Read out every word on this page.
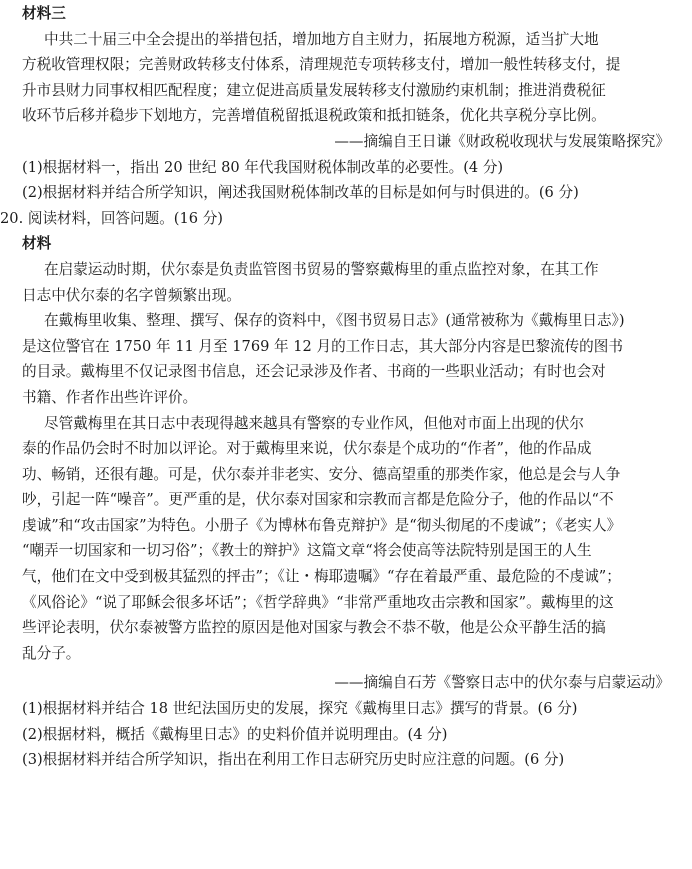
材料三
中共二十届三中全会提出的举措包括，增加地方自主财力，拓展地方税源，适当扩大地
方税收管理权限；完善财政转移支付体系，清理规范专项转移支付，增加一般性转移支付，提
升市县财力同事权相匹配程度；建立促进高质量发展转移支付激励约束机制；推进消费税征
收环节后移并稳步下划地方，完善增值税留抵退税政策和抵扣链条，优化共享税分享比例。
——摘编自王日谦《财政税收现状与发展策略探究》
(1)根据材料一，指出 20 世纪 80 年代我国财税体制改革的必要性。(4 分)
(2)根据材料并结合所学知识，阐述我国财税体制改革的目标是如何与时俱进的。(6 分)
20. 阅读材料，回答问题。(16 分)
材料
在启蒙运动时期，伏尔泰是负责监管图书贸易的警察戴梅里的重点监控对象，在其工作
日志中伏尔泰的名字曾频繁出现。
在戴梅里收集、整理、撰写、保存的资料中，《图书贸易日志》(通常被称为《戴梅里日志》)
是这位警官在 1750 年 11 月至 1769 年 12 月的工作日志，其大部分内容是巴黎流传的图书
的目录。戴梅里不仅记录图书信息，还会记录涉及作者、书商的一些职业活动；有时也会对
书籍、作者作出些许评价。
尽管戴梅里在其日志中表现得越来越具有警察的专业作风，但他对市面上出现的伏尔
泰的作品仍会时不时加以评论。对于戴梅里来说，伏尔泰是个成功的“作者”，他的作品成
功、畅销，还很有趣。可是，伏尔泰并非老实、安分、德高望重的那类作家，他总是会与人争
吵，引起一阵“噪音”。更严重的是，伏尔泰对国家和宗教而言都是危险分子，他的作品以“不
虔诚”和“攻击国家”为特色。小册子《为博林布鲁克辩护》是“彻头彻尾的不虔诚”；《老实人》
“嘲弄一切国家和一切习俗”；《教士的辩护》这篇文章“将会使高等法院特别是国王的人生
气，他们在文中受到极其猛烈的抨击”；《让・梅耶遗嘱》“存在着最严重、最危险的不虔诚”；
《风俗论》“说了耶稣会很多坏话”；《哲学辞典》“非常严重地攻击宗教和国家”。戴梅里的这
些评论表明，伏尔泰被警方监控的原因是他对国家与教会不恭不敬，他是公众平静生活的搞
乱分子。
——摘编自石芳《警察日志中的伏尔泰与启蒙运动》
(1)根据材料并结合 18 世纪法国历史的发展，探究《戴梅里日志》撰写的背景。(6 分)
(2)根据材料，概括《戴梅里日志》的史料价值并说明理由。(4 分)
(3)根据材料并结合所学知识，指出在利用工作日志研究历史时应注意的问题。(6 分)
